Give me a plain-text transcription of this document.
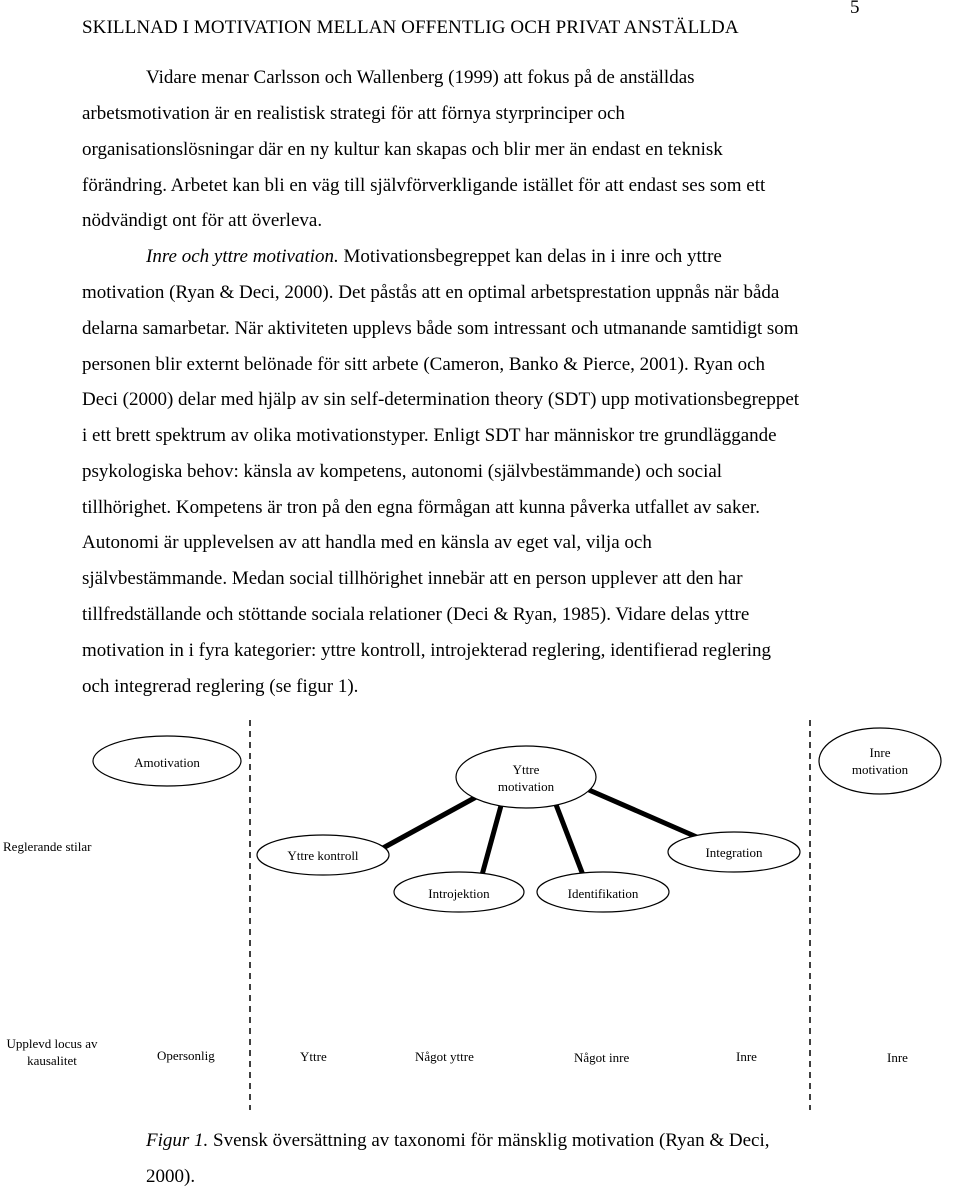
SKILLNAD I MOTIVATION MELLAN OFFENTLIG OCH PRIVAT ANSTÄLLDA
5
Vidare menar Carlsson och Wallenberg (1999) att fokus på de anställdas
arbetsmotivation är en realistisk strategi för att förnya styrprinciper och
organisationslösningar där en ny kultur kan skapas och blir mer än endast en teknisk
förändring. Arbetet kan bli en väg till självförverkligande istället för att endast ses som ett
nödvändigt ont för att överleva.
Inre och yttre motivation. Motivationsbegreppet kan delas in i inre och yttre
motivation (Ryan & Deci, 2000). Det påstås att en optimal arbetsprestation uppnås när båda
delarna samarbetar. När aktiviteten upplevs både som intressant och utmanande samtidigt som
personen blir externt belönade för sitt arbete (Cameron, Banko & Pierce, 2001). Ryan och
Deci (2000) delar med hjälp av sin self-determination theory (SDT) upp motivationsbegreppet
i ett brett spektrum av olika motivationstyper. Enligt SDT har människor tre grundläggande
psykologiska behov: känsla av kompetens, autonomi (självbestämmande) och social
tillhörighet. Kompetens är tron på den egna förmågan att kunna påverka utfallet av saker.
Autonomi är upplevelsen av att handla med en känsla av eget val, vilja och
självbestämmande. Medan social tillhörighet innebär att en person upplever att den har
tillfredställande och stöttande sociala relationer (Deci & Ryan, 1985). Vidare delas yttre
motivation in i fyra kategorier: yttre kontroll, introjekterad reglering, identifierad reglering
och integrerad reglering (se figur 1).
Amotivation	Yttre
motivation
Inre
motivation
Yttre kontroll	Integration
Introjektion	Identifikation
Reglerande stilar
Upplevd locus av
kausalitet	Opersonlig	Yttre	Något yttre	Något inre	Inre	Inre
Figur 1. Svensk översättning av taxonomi för mänsklig motivation (Ryan & Deci,
2000).
